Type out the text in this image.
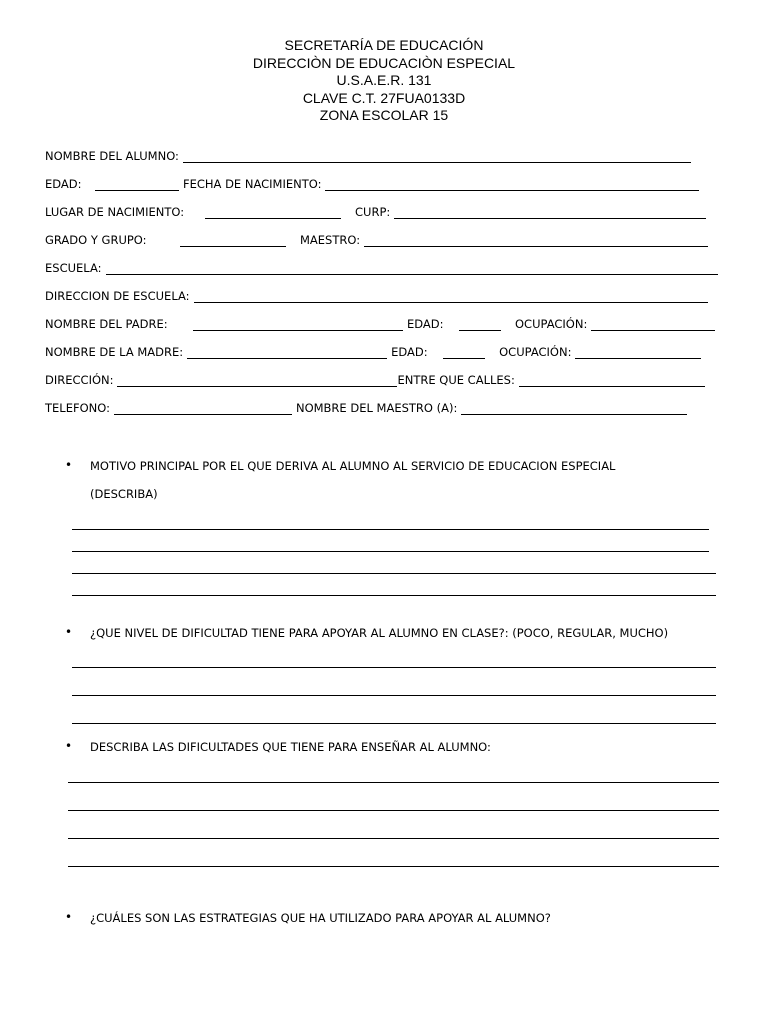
SECRETARÍA DE EDUCACIÓN
DIRECCIÒN DE EDUCACIÒN ESPECIAL
U.S.A.E.R. 131
CLAVE C.T. 27FUA0133D
ZONA ESCOLAR 15
NOMBRE DEL ALUMNO:
EDAD:	FECHA DE NACIMIENTO:
LUGAR DE NACIMIENTO:	CURP:
GRADO Y GRUPO:	MAESTRO:
ESCUELA:
DIRECCION DE ESCUELA:
NOMBRE DEL PADRE:	EDAD:	OCUPACIÓN:
NOMBRE DE LA MADRE:	EDAD:	OCUPACIÓN:
DIRECCIÓN:	ENTRE QUE CALLES:
TELEFONO:	NOMBRE DEL MAESTRO (A):
• MOTIVO PRINCIPAL POR EL QUE DERIVA AL ALUMNO AL SERVICIO DE EDUCACION ESPECIAL
(DESCRIBA)
• ¿QUE NIVEL DE DIFICULTAD TIENE PARA APOYAR AL ALUMNO EN CLASE?: (POCO, REGULAR, MUCHO)
• DESCRIBA LAS DIFICULTADES QUE TIENE PARA ENSEÑAR AL ALUMNO:
• ¿CUÁLES SON LAS ESTRATEGIAS QUE HA UTILIZADO PARA APOYAR AL ALUMNO?
